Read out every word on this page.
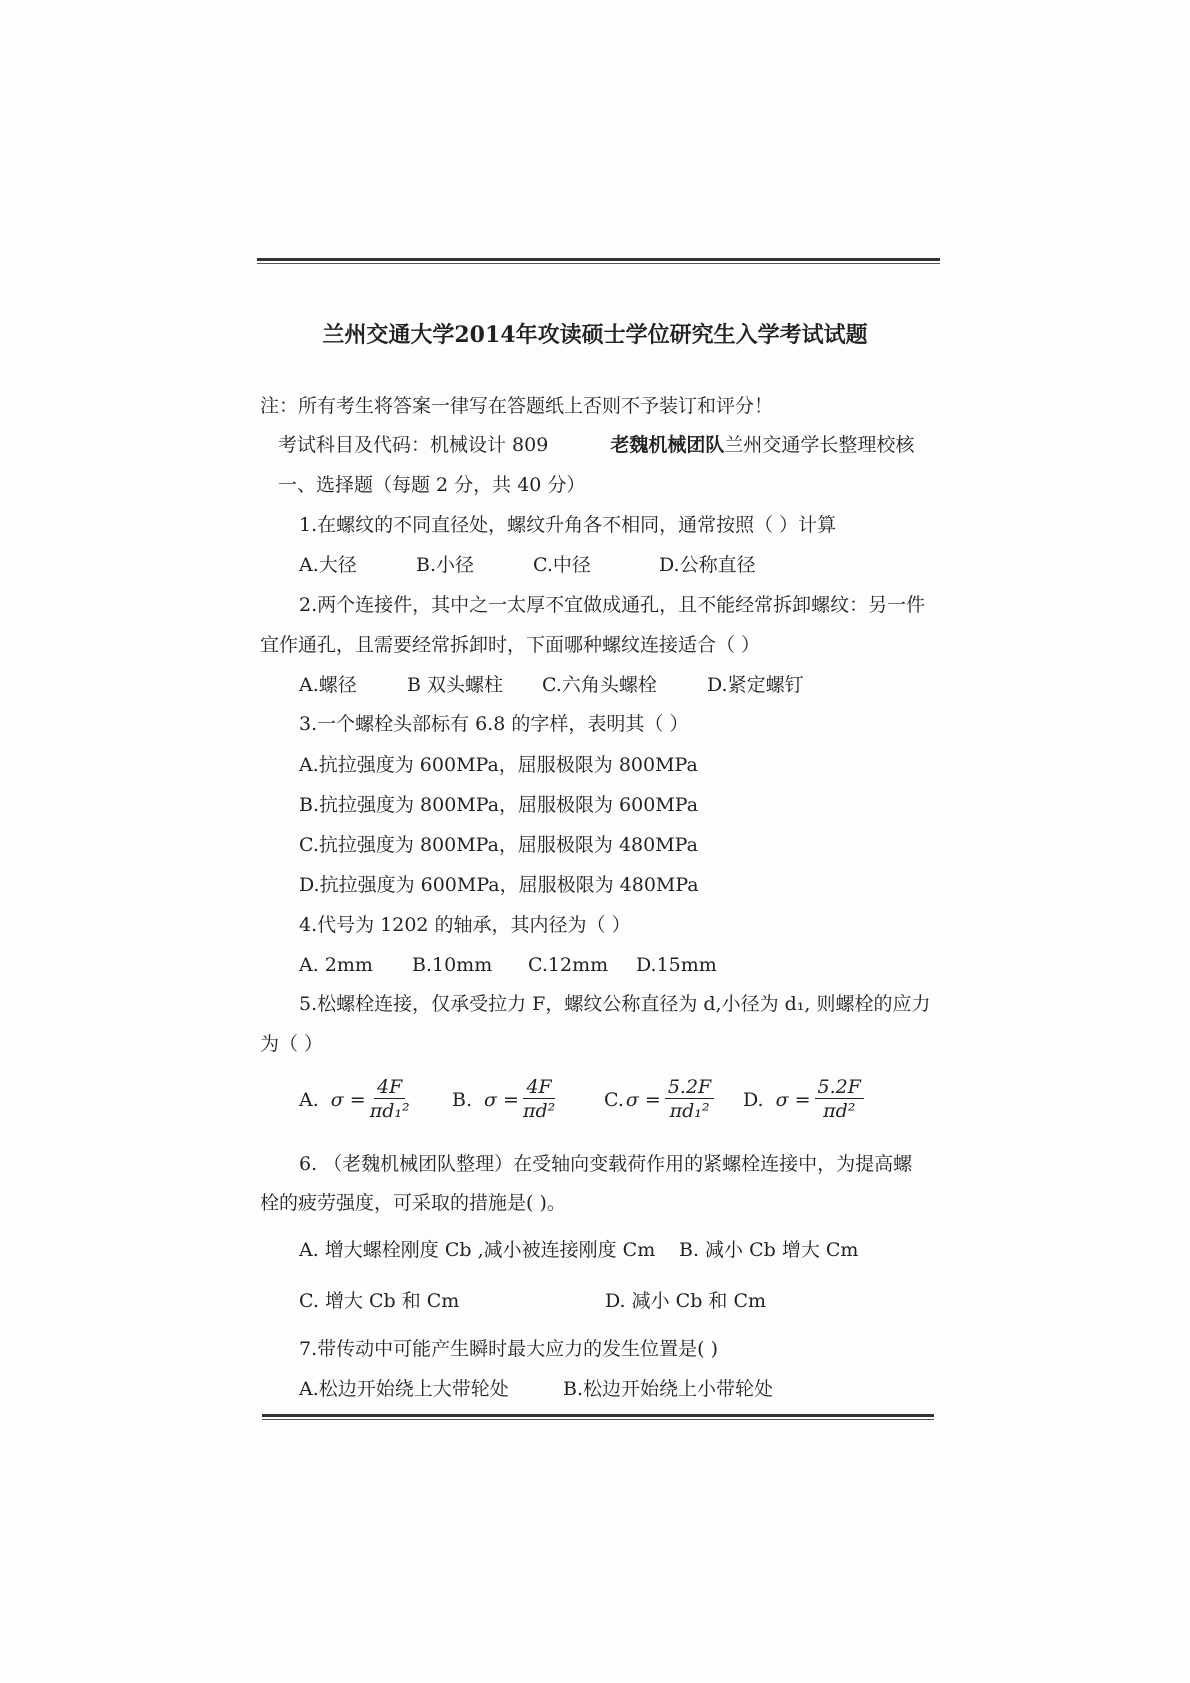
兰州交通大学2014年攻读硕士学位研究生入学考试试题
注：所有考生将答案一律写在答题纸上否则不予装订和评分！
考试科目及代码：机械设计 809	老魏机械团队兰州交通学长整理校核
一、选择题（每题 2 分，共 40 分）
1.在螺纹的不同直径处，螺纹升角各不相同，通常按照（ ）计算
A.大径	B.小径	C.中径	D.公称直径
2.两个连接件，其中之一太厚不宜做成通孔，且不能经常拆卸螺纹：另一件
宜作通孔，且需要经常拆卸时，下面哪种螺纹连接适合（ ）
A.螺径	B 双头螺柱 C.六角头螺栓	D.紧定螺钉
3.一个螺栓头部标有 6.8 的字样，表明其（ ）
A.抗拉强度为 600MPa，屈服极限为 800MPa
B.抗拉强度为 800MPa，屈服极限为 600MPa
C.抗拉强度为 800MPa，屈服极限为 480MPa
D.抗拉强度为 600MPa，屈服极限为 480MPa
4.代号为 1202 的轴承，其内径为（ ）
A. 2mm B.10mm C.12mm D.15mm
5.松螺栓连接，仅承受拉力 F，螺纹公称直径为 d,小径为 d₁, 则螺栓的应力
为（ ）
A. $\sigma = \frac{4F}{\text{πd₁²}} B$. $\sigma = \frac{4F}{\text{πd²}}$	C. $\sigma = \frac{5.2F}{\text{πd₁²}} D$. $\sigma = \frac{5.2F}{\text{πd²}}$
6. （老魏机械团队整理）在受轴向变载荷作用的紧螺栓连接中，为提高螺
栓的疲劳强度，可采取的措施是( )。
A. 增大螺栓刚度 Cb ,减小被连接刚度 Cm B. 减小 Cb 增大 Cm
C. 增大 Cb 和 Cm	D. 减小 Cb 和 Cm
7.带传动中可能产生瞬时最大应力的发生位置是( )
A.松边开始绕上大带轮处	B.松边开始绕上小带轮处
